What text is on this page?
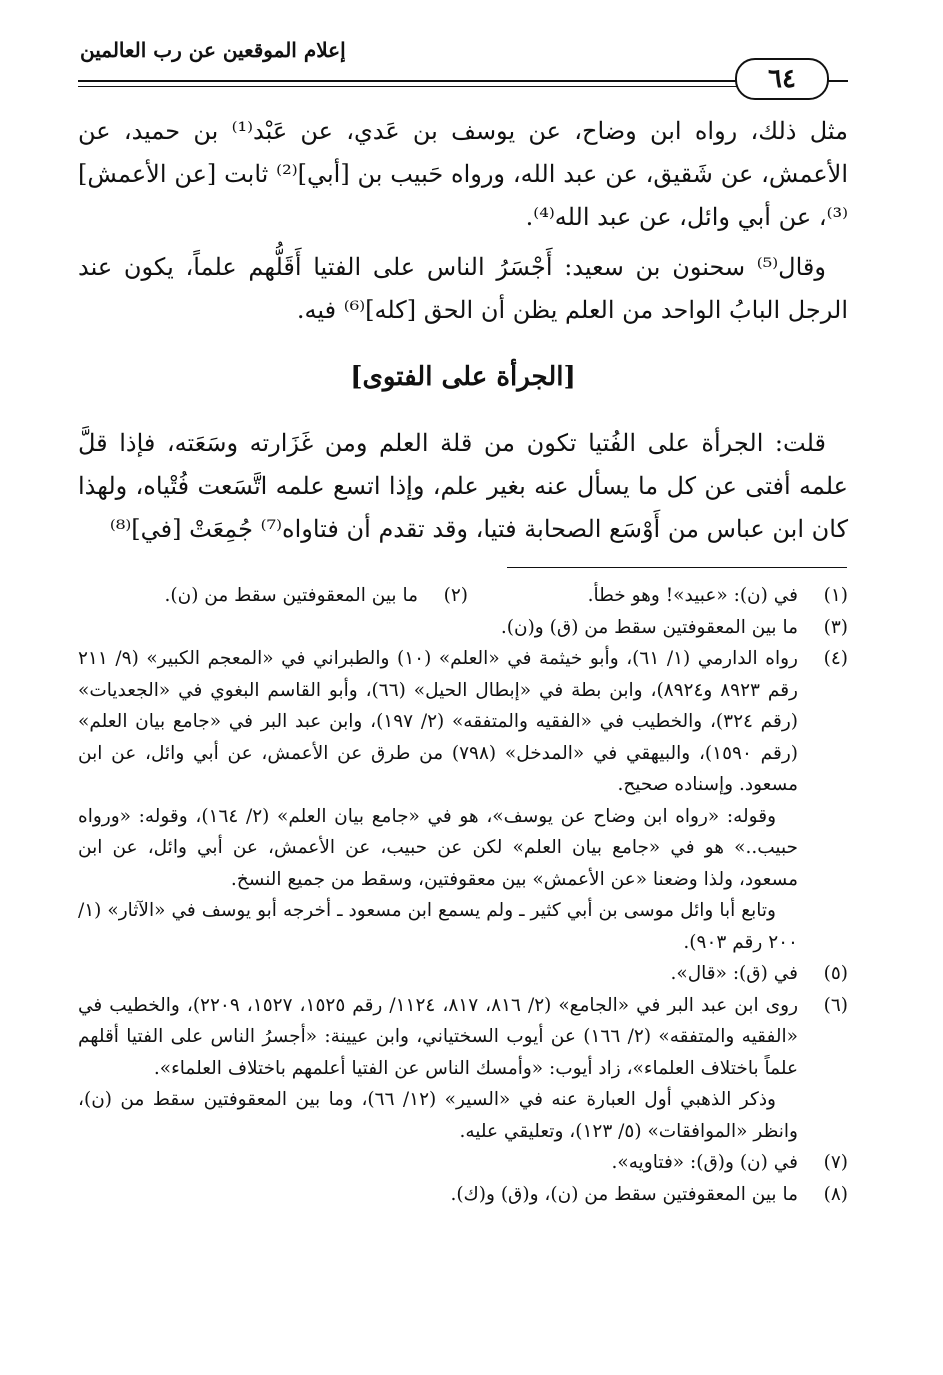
إعلام الموقعين عن رب العالمين
٦٤

مثل ذلك، رواه ابن وضاح، عن يوسف بن عَدي، عن عَبْد⁽¹⁾ بن حميد، عن الأعمش، عن شَقيق، عن عبد الله، ورواه حَبيب بن [أبي]⁽²⁾ ثابت [عن الأعمش]⁽³⁾، عن أبي وائل، عن عبد الله⁽⁴⁾.

وقال⁽⁵⁾ سحنون بن سعيد: أَجْسَرُ الناس على الفتيا أَقَلُّهم علماً، يكون عند الرجل البابُ الواحد من العلم يظن أن الحق [كله]⁽⁶⁾ فيه.

[الجرأة على الفتوى]

قلت: الجرأة على الفُتيا تكون من قلة العلم ومن غَزَارته وسَعَته، فإذا قلَّ علمه أفتى عن كل ما يسأل عنه بغير علم، وإذا اتسع علمه اتَّسَعت فُتْياه، ولهذا كان ابن عباس من أَوْسَع الصحابة فتيا، وقد تقدم أن فتاواه⁽⁷⁾ جُمِعَتْ [في]⁽⁸⁾

(١)
في (ن): «عبيد»! وهو خطأ.
(٢)
ما بين المعقوفتين سقط من (ن).
(٣)
ما بين المعقوفتين سقط من (ق) و(ن).
(٤)
رواه الدارمي (١/ ٦١)، وأبو خيثمة في «العلم» (١٠) والطبراني في «المعجم الكبير» (٩/ ٢١١ رقم ٨٩٢٣ و٨٩٢٤)، وابن بطة في «إبطال الحيل» (٦٦)، وأبو القاسم البغوي في «الجعديات» (رقم ٣٢٤)، والخطيب في «الفقيه والمتفقه» (٢/ ١٩٧)، وابن عبد البر في «جامع بيان العلم» (رقم ١٥٩٠)، والبيهقي في «المدخل» (٧٩٨) من طرق عن الأعمش، عن أبي وائل، عن ابن مسعود. وإسناده صحيح.
وقوله: «رواه ابن وضاح عن يوسف»، هو في «جامع بيان العلم» (٢/ ١٦٤)، وقوله: «ورواه حبيب..» هو في «جامع بيان العلم» لكن عن حبيب، عن الأعمش، عن أبي وائل، عن ابن مسعود، ولذا وضعنا «عن الأعمش» بين معقوفتين، وسقط من جميع النسخ.
وتابع أبا وائل موسى بن أبي كثير ـ ولم يسمع ابن مسعود ـ أخرجه أبو يوسف في «الآثار» (١/ ٢٠٠ رقم ٩٠٣).
(٥)
في (ق): «قال».
(٦)
روى ابن عبد البر في «الجامع» (٢/ ٨١٦، ٨١٧، ١١٢٤/ رقم ١٥٢٥، ١٥٢٧، ٢٢٠٩)، والخطيب في «الفقيه والمتفقه» (٢/ ١٦٦) عن أيوب السختياني، وابن عيينة: «أجسرُ الناس على الفتيا أقلهم علماً باختلاف العلماء»، زاد أيوب: «وأمسك الناس عن الفتيا أعلمهم باختلاف العلماء».
وذكر الذهبي أول العبارة عنه في «السير» (١٢/ ٦٦)، وما بين المعقوفتين سقط من (ن)، وانظر «الموافقات» (٥/ ١٢٣)، وتعليقي عليه.
(٧)
في (ن) و(ق): «فتاويه».
(٨)
ما بين المعقوفتين سقط من (ن)، و(ق) و(ك).
